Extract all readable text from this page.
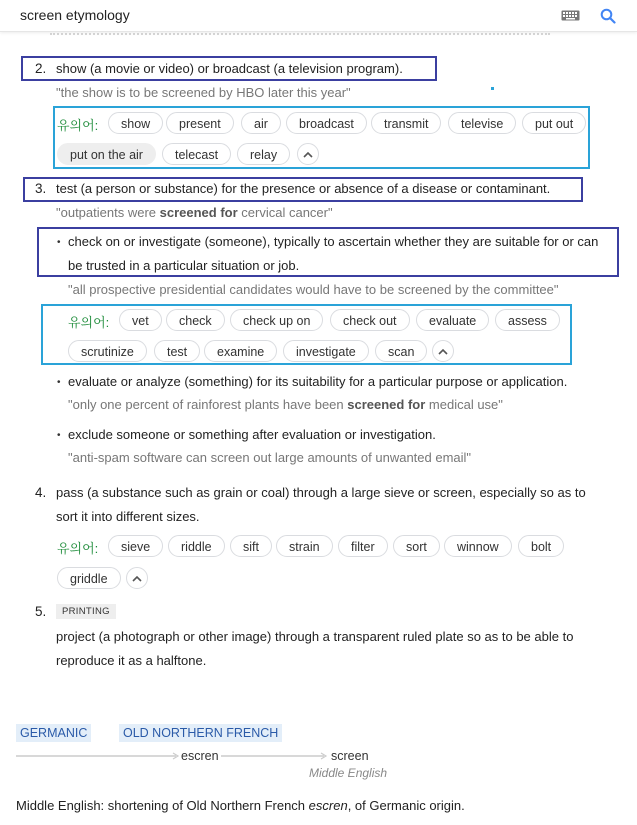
screen etymology
2. show (a movie or video) or broadcast (a television program).
"the show is to be screened by HBO later this year"
유의어:	show	present	air	broadcast	transmit	televise	put out
put on the air	telecast	relay
3. test (a person or substance) for the presence or absence of a disease or contaminant.
"outpatients were screened for cervical cancer"
• check on or investigate (someone), typically to ascertain whether they are suitable for or can
be trusted in a particular situation or job.
"all prospective presidential candidates would have to be screened by the committee"
유의어:	vet	check	check up on	check out	evaluate	assess
scrutinize	test	examine	investigate	scan
• evaluate or analyze (something) for its suitability for a particular purpose or application.
"only one percent of rainforest plants have been screened for medical use"
• exclude someone or something after evaluation or investigation.
"anti-spam software can screen out large amounts of unwanted email"
4. pass (a substance such as grain or coal) through a large sieve or screen, especially so as to
sort it into different sizes.
유의어:	sieve	riddle	sift	strain	filter	sort	winnow	bolt
griddle
5.	PRINTING
project (a photograph or other image) through a transparent ruled plate so as to be able to
reproduce it as a halftone.
GERMANIC	OLD NORTHERN FRENCH
escren	screen
Middle English
Middle English: shortening of Old Northern French escren, of Germanic origin.
